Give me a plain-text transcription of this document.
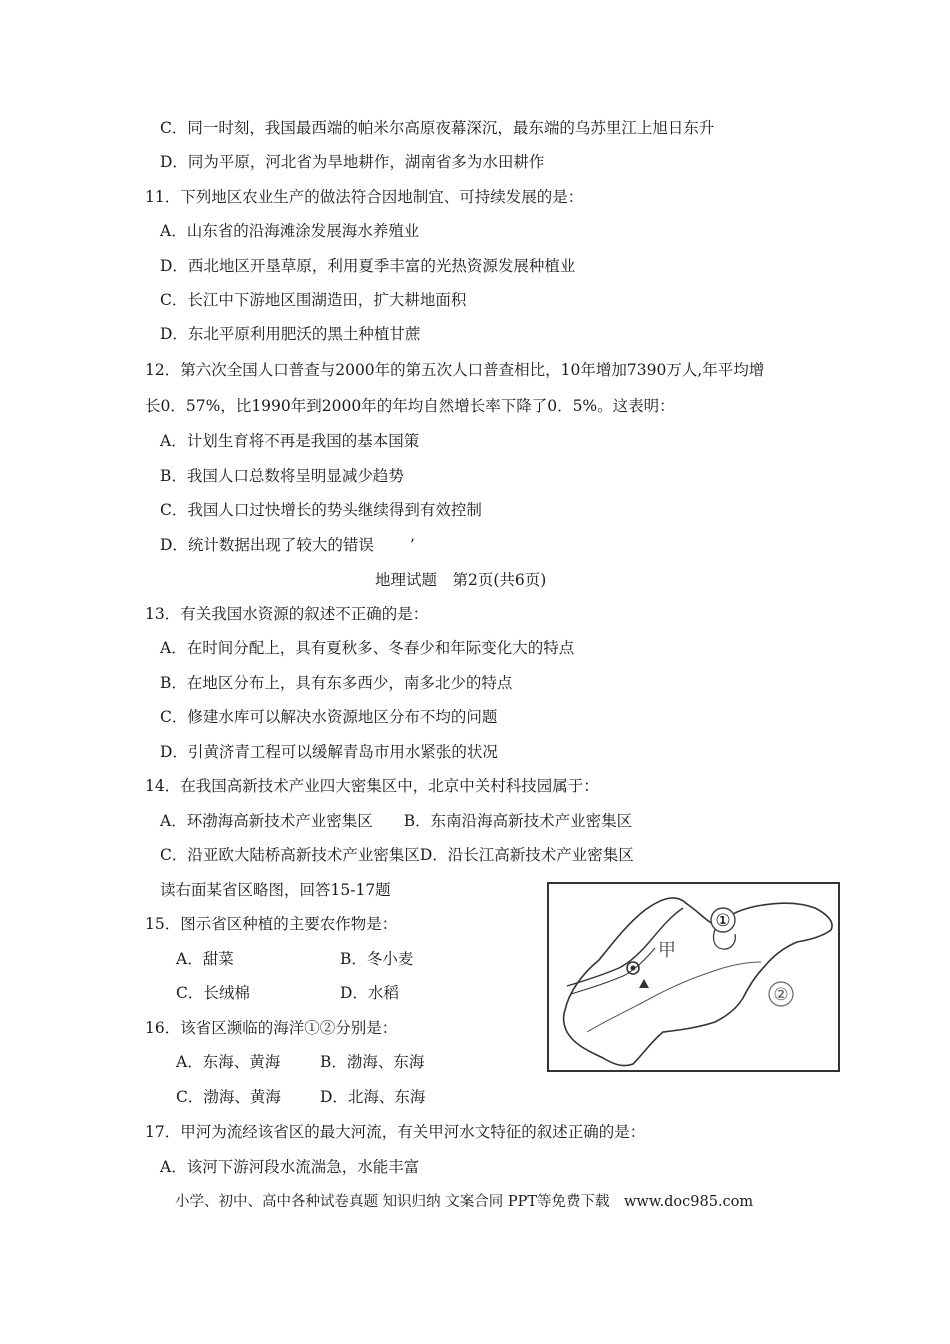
C．同一时刻，我国最西端的帕米尔高原夜幕深沉，最东端的乌苏里江上旭日东升
D．同为平原，河北省为旱地耕作，湖南省多为水田耕作
11．下列地区农业生产的做法符合因地制宜、可持续发展的是：
A．山东省的沿海滩涂发展海水养殖业
D．西北地区开垦草原，利用夏季丰富的光热资源发展种植业
C．长江中下游地区围湖造田，扩大耕地面积
D．东北平原利用肥沃的黑土种植甘蔗
12．第六次全国人口普查与2000年的第五次人口普查相比，10年增加7390万人,年平均增
长0．57%，比1990年到2000年的年均自然增长率下降了0．5%。这表明：
A．计划生育将不再是我国的基本国策
B．我国人口总数将呈明显减少趋势
C．我国人口过快增长的势头继续得到有效控制
D．统计数据出现了较大的错误　　 ’
地理试题　第2页(共6页)
13．有关我国水资源的叙述不正确的是：
A．在时间分配上，具有夏秋多、冬春少和年际变化大的特点
B．在地区分布上，具有东多西少，南多北少的特点
C．修建水库可以解决水资源地区分布不均的问题
D．引黄济青工程可以缓解青岛市用水紧张的状况
14．在我国高新技术产业四大密集区中，北京中关村科技园属于：
A．环渤海高新技术产业密集区　　B．东南沿海高新技术产业密集区
C．沿亚欧大陆桥高新技术产业密集区D．沿长江高新技术产业密集区
读右面某省区略图，回答15-17题
15．图示省区种植的主要农作物是：
A．甜菜	B．冬小麦
C．长绒棉	D．水稻
16．该省区濒临的海洋①②分别是：
A．东海、黄海	B．渤海、东海
C．渤海、黄海	D．北海、东海
17．甲河为流经该省区的最大河流，有关甲河水文特征的叙述正确的是：
A．该河下游河段水流湍急，水能丰富
小学、初中、高中各种试卷真题 知识归纳 文案合同 PPT等免费下载　www.doc985.com
①
②
甲
